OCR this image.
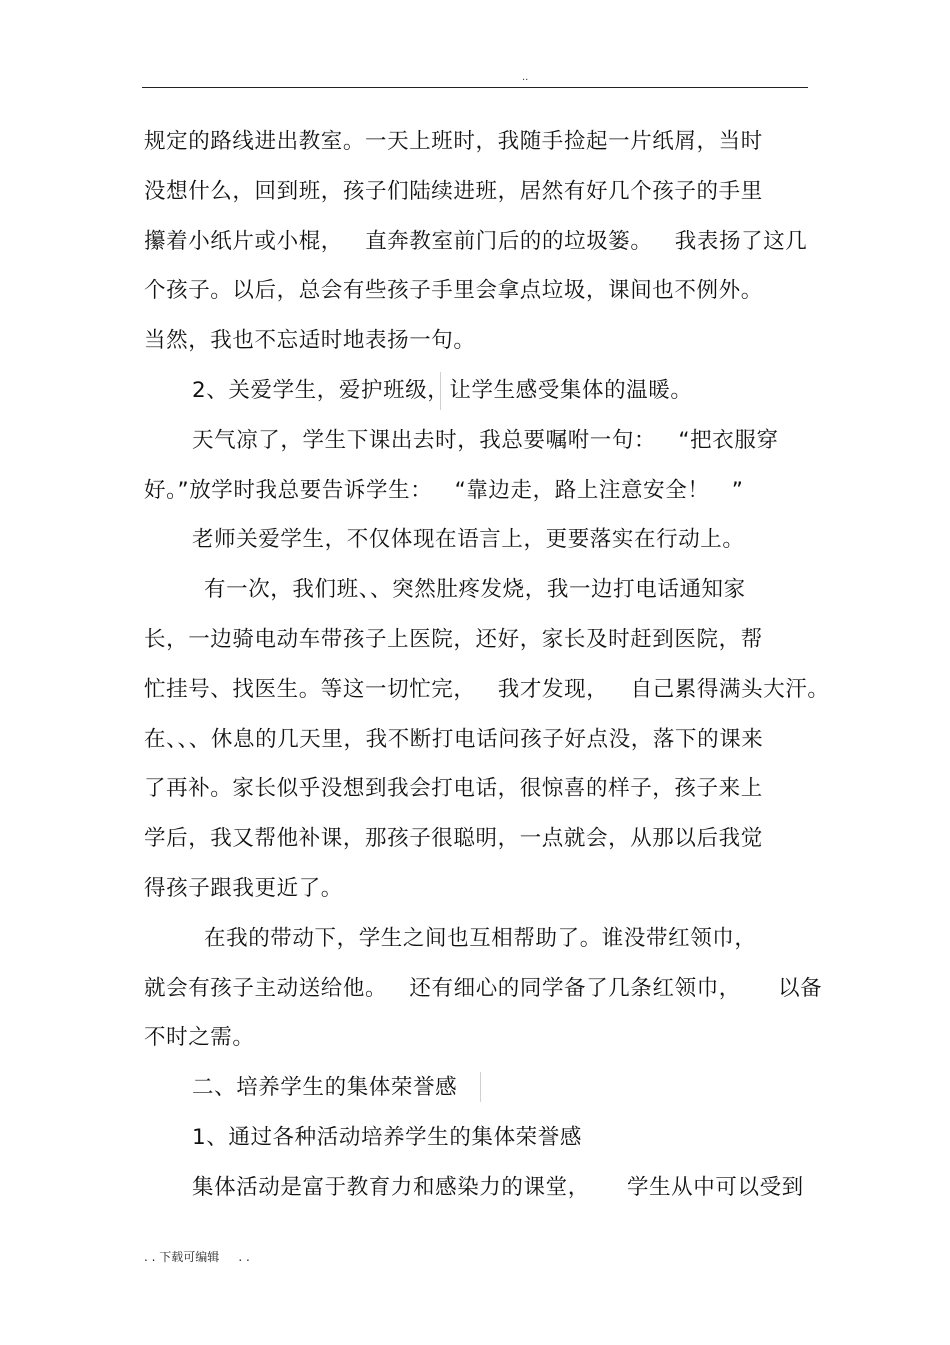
..
规定的路线进出教室。一天上班时，我随手捡起一片纸屑，当时
没想什么，回到班，孩子们陆续进班，居然有好几个孩子的手里
攥着小纸片或小棍，   直奔教室前门后的的垃圾篓。   我表扬了这几
个孩子。以后，总会有些孩子手里会拿点垃圾，课间也不例外。
当然，我也不忘适时地表扬一句。
2、关爱学生，爱护班级，让学生感受集体的温暖。
天气凉了，学生下课出去时，我总要嘱咐一句：   “把衣服穿
好。”放学时我总要告诉学生：   “靠边走，路上注意安全！   ”
老师关爱学生，不仅体现在语言上，更要落实在行动上。
有一次，我们班、、突然肚疼发烧，我一边打电话通知家
长，一边骑电动车带孩子上医院，还好，家长及时赶到医院，帮
忙挂号、找医生。等这一切忙完，   我才发现，   自己累得满头大汗。
在、、、休息的几天里，我不断打电话问孩子好点没，落下的课来
了再补。家长似乎没想到我会打电话，很惊喜的样子，孩子来上
学后，我又帮他补课，那孩子很聪明，一点就会，从那以后我觉
得孩子跟我更近了。
在我的带动下，学生之间也互相帮助了。谁没带红领巾，
就会有孩子主动送给他。   还有细心的同学备了几条红领巾，     以备
不时之需。
二、培养学生的集体荣誉感
1、通过各种活动培养学生的集体荣誉感
集体活动是富于教育力和感染力的课堂，     学生从中可以受到
. . 下载可编辑     . .
